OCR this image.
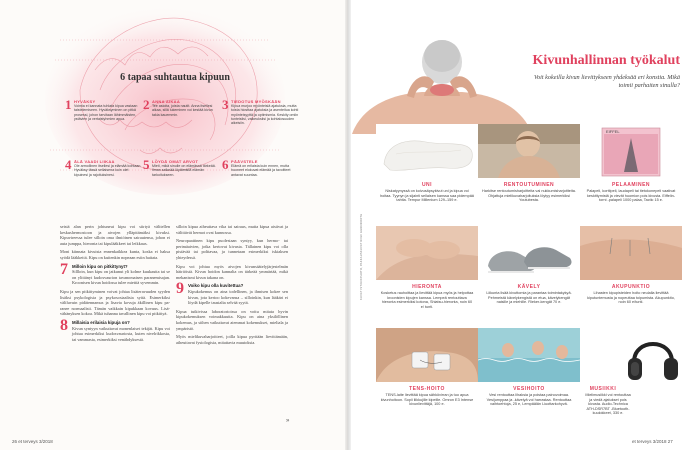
6 tapaa suhtautua kipuun
1 HYVÄKSY
Voimia ei kannata tuhlata kipua vastaan taistelemiseen. Hyväksyminen on pitkä prosessi, johon tarvitaan lähimmäisten, ystävien ja vertaistyhmien apua.
2 ANNA AIKAA
Tee asioita, joista nautit. Anna itsellesi aikaa, sillä lukeminen voi kestää kivun takia kauemmin.
3 TIEDOTUS MYÖSKÄÄN
Kipua murjoo myönteisiä ajatuksia, mutta toista hiosttaa ajatuksia ja asenteitua kohti myönteisyyttä ja optimismia. Keskity omiin tunteisiisi, vaikeuksiisi ja kohtalosuuden aikeisiin.
4 ÄLÄ VAADI LIIKAA
Ole armollinen itsellesi ja elämää kohtaan. Hyväksy tässä sellaisena kuin olet kipuinesi ja rajoituksinesi.
5 LÖYDÄ OMAT ARVOT
Mieti, mikä sinulle on elämässä tärkeää. Ilman selkeää löytämistä elämän tarkoitukseen.
6 PÄÄVSTELE
Elämä on erilaista kuin ennen, mutta huoneet elokuvat elämää ja tavoitteet antavat suuntaa.

seistä alan perin johtuneut kipu voi siirtyä välitellen keskushermostoon ja aivojen ylläpitämäksi kivuksi. Kipuvireessa tulee silloin oma ilmiöinen sairautensa, johon ei auta jumppa, hieronta tai kipulääkkeet tai leikkaus.

Moni kiinnata kivuista ennenkaikkea kunta, koska ei haksa syödä lääkkeitä. Kipu on kuitenkin nopeaan esiin haitata.

7 Milloin kipu on pitkittynyt?
Sillloin, kun kipu on jatkunut yli kolme kuukautta tai se on ylittänyt kudosvaurion tavanomaisen paranemisajan. Kroonisen kivun hoidossa tulee miettiä syvemmin.

Kipu ja sen pitkittyminen voivat johtaa lisäteravuuden syyden lisäksi psykologisia ja psykososiaalisia syitä. Esimerkiksi väliluvuin pidätennamus ja lisavia kovuja äkillinen kipu pa- ranee normaalisti. Tämän vaikkain kipukkaan kovuus. Lisä-vähänyksen kokoa. Mikä tuhanna tavallinen kipu voi pitkittyä.

8 Millaisia erilaisia kipuja on?
Kivun syntyyn vaikuttavat monenlaiset tekijät. Kipu voi johtua esimerkiksi kudosvauriosta, kuten nivelrikkosta, tai vammasta, esimerkiksi venähdyksestä.

silloin kipua aiheuttava vika tai sairaus, mutta kipua aistivat ja välittävät hermot ovat kunnossa.

Neuropaattinen kipu puolestaan syntyy, kun hermo- tai perimäaivien, jotka kertovat kivusta. Tällainen kipu voi olla pistävää tai polttavaa, ja tunnetaan esimerkiksi iskiaksen yhteydessä.

Kipu voi johtua myös aivojen kivunsäätelyjärjestelmän häiriöistä. Kivun hoidon kannalta on tärkeää ymmärtää, mikä mekanismi kivun takana on.

9 Voiko kipu olla kuvitettua?
Kipukokemus on aina todellinen, ja ihmisen kokee sen kivun, jota kertoo kokevansa – silloinkin, kun lääkäri ei löydä kipelle taustalta selvää syytä.

Kipua tutkivissa laboratorioissa on voitu mitata hyvin kipukokemuksen voimakkuutta. Kipu on aina yksilöllinen kokemus, ja siihen vaikuttavat aiemmat kokemukset, mieliala ja ympäristö.

Myös mielikuvaharjoitteet, joilla kipua pyritään lievittämään, aiheuttavat fysiologisia, mitattavia muutoksia.

»
26 et terveys 3/2018
Kivunhallinnan työkalut
Voit kokeilla kivun lievittykseen yhdeksää eri konstia. Mikä toimii parhaiten sinulla?
KUVAT ISTOCKPHOTO, PAKKAUSKUVAT ROLF EHRNROOTH
UNI
Niskatyynyssä on koivusäpsykivut uni ja kipua voi hoitaa. Tyynyn ja sijainti sellaisen kanssa saa pidempää tahtia. Tempur Millenium 129–159 e.
RENTOUTUMINEN
Harkitse rentoutumisharjoitteita vai nukkumisharjoitteita. Ohjattuja mielikuvaharjoituksia löytyy esimerkiksi Youtubesta.
EIFFEL
PELAAMINEN
Palapeli, korttipeli, laudapeli tai tietokonepeli vaativat keskittymistä ja vievät huomion pois kivusta. Eiffelin-torni -palapeli 1000 palaa, Tactic 15 e.
HIERONTA
Kosketus rauhoittaa ja lievittää kipua myös ja helpottaa kroonisten kipujen kanssa. Lempeä rentouttava hieronta esimerkiksi kotona, Shiatsu-hieronta, noin 60 e/ tunti.
KÄVELY
Liikunta lisää kivuttomia ja parantaa toimintakykyä. Pehmeistä kävelykengistä on etua, kävelykengät naisille ja miehille. Rieker-kengät 70 e.
AKUPUNKTIO
Lihasten kipupisteiden hoito neulalla lievittää kiputuntemusta ja nopeuttaa toipumista. Akupunktio, noin 60 e/tunti.
TENS-HOITO
TENS-laite lievittää kipua sähkövirran ja tuo apua kivunhoitoon. Sopii liikkujille kipeille. Omron E3 Intense kivunlievittäjä, 100 e.
VESIHOITO
Vesi rentouttaa lihaksia ja poistaa painovoimaa. Vesijumppaa ja -kävelyä voi harrastaa. Rentouttaa vaihtoehtoja, 25 e, Lempäälän Liuottarkohyvä.
MUSIIKKI
Mielimusiikki voi rentouttaa ja viedä ajatukset pois kivusta. Audio-Technica ATH-DSR7BT -Bluetooth-kuulokkeet, 330 e.
et terveys 3/2018 27
